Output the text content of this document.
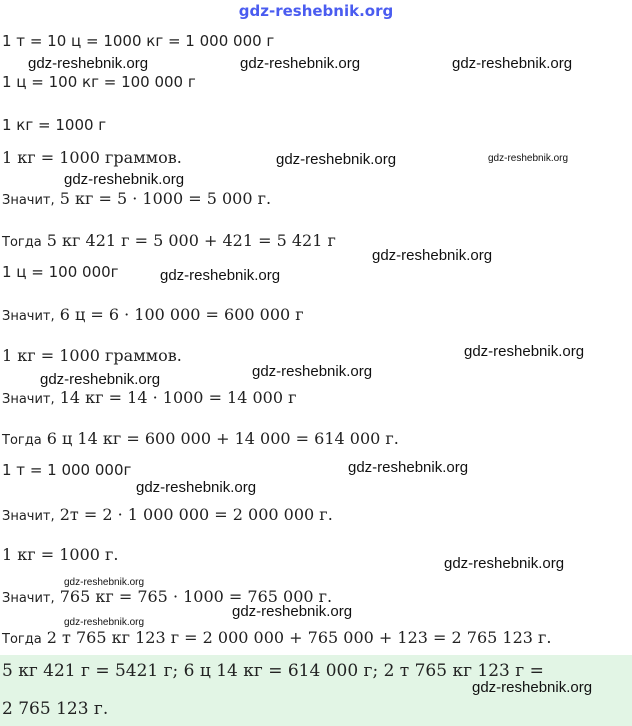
gdz-reshebnik.org
1 т = 10 ц = 1000 кг = 1 000 000 г
1 ц = 100 кг = 100 000 г
1 кг = 1000 г
1 кг = 1000 граммов.
Значит, 5 кг = 5 · 1000 = 5 000 г.
Тогда 5 кг 421 г = 5 000 + 421 = 5 421 г
1 ц = 100 000г
Значит, 6 ц = 6 · 100 000 = 600 000 г
1 кг = 1000 граммов.
Значит, 14 кг = 14 · 1000 = 14 000 г
Тогда 6 ц 14 кг = 600 000 + 14 000 = 614 000 г.
1 т = 1 000 000г
Значит, 2т = 2 · 1 000 000 = 2 000 000 г.
1 кг = 1000 г.
Значит, 765 кг = 765 · 1000 = 765 000 г.
Тогда 2 т 765 кг 123 г = 2 000 000 + 765 000 + 123 = 2 765 123 г.
5 кг 421 г = 5421 г; 6 ц 14 кг = 614 000 г; 2 т 765 кг 123 г =
2 765 123 г.
gdz-reshebnik.org	gdz-reshebnik.org	gdz-reshebnik.org
gdz-reshebnik.org	gdz-reshebnik.org
gdz-reshebnik.org
gdz-reshebnik.org
gdz-reshebnik.org
gdz-reshebnik.org
gdz-reshebnik.org
gdz-reshebnik.org
gdz-reshebnik.org
gdz-reshebnik.org
gdz-reshebnik.org
gdz-reshebnik.org
gdz-reshebnik.org
gdz-reshebnik.org
gdz-reshebnik.org
